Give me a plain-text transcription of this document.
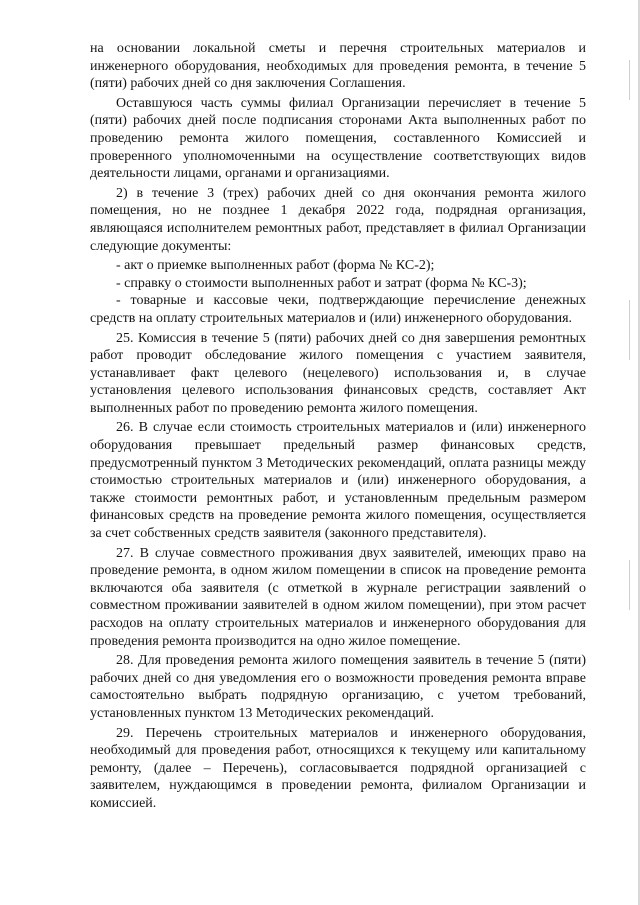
на основании локальной сметы и перечня строительных материалов и инженерного оборудования, необходимых для проведения ремонта, в течение 5 (пяти) рабочих дней со дня заключения Соглашения.

Оставшуюся часть суммы филиал Организации перечисляет в течение 5 (пяти) рабочих дней после подписания сторонами Акта выполненных работ по проведению ремонта жилого помещения, составленного Комиссией и проверенного уполномоченными на осуществление соответствующих видов деятельности лицами, органами и организациями.

2) в течение 3 (трех) рабочих дней со дня окончания ремонта жилого помещения, но не позднее 1 декабря 2022 года, подрядная организация, являющаяся исполнителем ремонтных работ, представляет в филиал Организации следующие документы:

- акт о приемке выполненных работ (форма № КС-2);

- справку о стоимости выполненных работ и затрат (форма № КС-3);

- товарные и кассовые чеки, подтверждающие перечисление денежных средств на оплату строительных материалов и (или) инженерного оборудования.

25. Комиссия в течение 5 (пяти) рабочих дней со дня завершения ремонтных работ проводит обследование жилого помещения с участием заявителя, устанавливает факт целевого (нецелевого) использования и, в случае установления целевого использования финансовых средств, составляет Акт выполненных работ по проведению ремонта жилого помещения.

26. В случае если стоимость строительных материалов и (или) инженерного оборудования превышает предельный размер финансовых средств, предусмотренный пунктом 3 Методических рекомендаций, оплата разницы между стоимостью строительных материалов и (или) инженерного оборудования, а также стоимости ремонтных работ, и установленным предельным размером финансовых средств на проведение ремонта жилого помещения, осуществляется за счет собственных средств заявителя (законного представителя).

27. В случае совместного проживания двух заявителей, имеющих право на проведение ремонта, в одном жилом помещении в список на проведение ремонта включаются оба заявителя (с отметкой в журнале регистрации заявлений о совместном проживании заявителей в одном жилом помещении), при этом расчет расходов на оплату строительных материалов и инженерного оборудования для проведения ремонта производится на одно жилое помещение.

28. Для проведения ремонта жилого помещения заявитель в течение 5 (пяти) рабочих дней со дня уведомления его о возможности проведения ремонта вправе самостоятельно выбрать подрядную организацию, с учетом требований, установленных пунктом 13 Методических рекомендаций.

29. Перечень строительных материалов и инженерного оборудования, необходимый для проведения работ, относящихся к текущему или капитальному ремонту, (далее – Перечень), согласовывается подрядной организацией с заявителем, нуждающимся в проведении ремонта, филиалом Организации и комиссией.
